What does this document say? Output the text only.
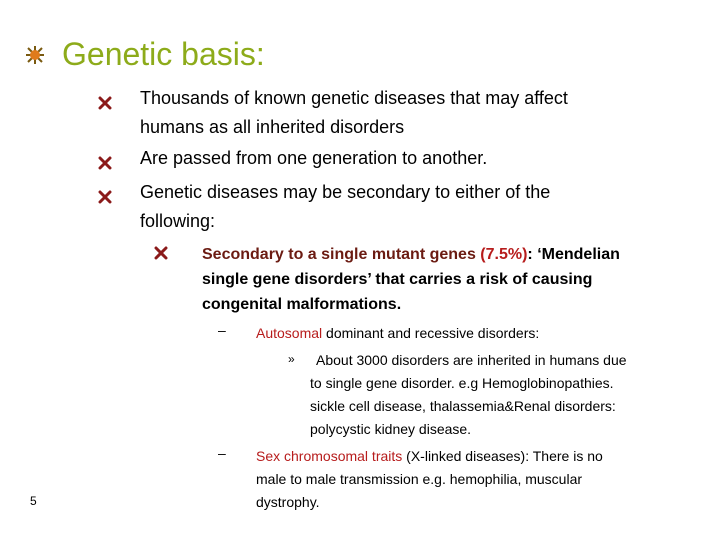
Genetic basis:
Thousands of known genetic diseases that may affect
humans as all inherited disorders
Are passed from one generation to another.
Genetic diseases may be secondary to either of the
following:
Secondary to a single mutant genes (7.5%): ‘Mendelian
single gene disorders’ that carries a risk of causing
congenital malformations.
– Autosomal dominant and recessive disorders:
»	About 3000 disorders are inherited in humans due
to single gene disorder. e.g Hemoglobinopathies.
sickle cell disease, thalassemia&Renal disorders:
polycystic kidney disease.
– Sex chromosomal traits (X-linked diseases): There is no
male to male transmission e.g. hemophilia, muscular
dystrophy.
5
